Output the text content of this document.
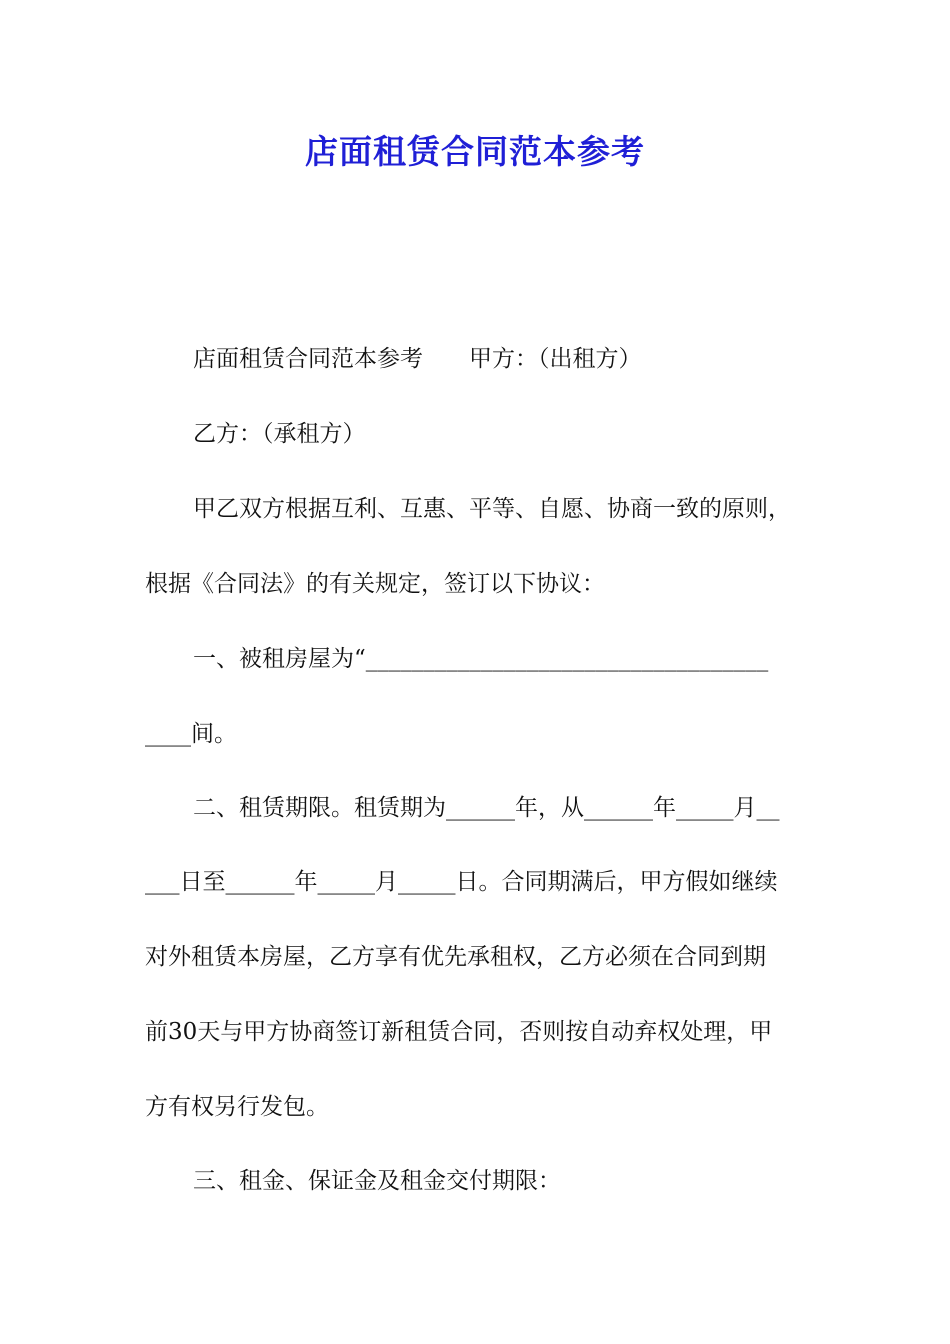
店面租赁合同范本参考
店面租赁合同范本参考　　甲方：（出租方）
乙方：（承租方）
甲乙双方根据互利、互惠、平等、自愿、协商一致的原则，
根据《合同法》的有关规定，签订以下协议：
一、被租房屋为“___________________________________
____间。
二、租赁期限。租赁期为______年，从______年_____月__
___日至______年_____月_____日。合同期满后，甲方假如继续
对外租赁本房屋，乙方享有优先承租权，乙方必须在合同到期
前30天与甲方协商签订新租赁合同，否则按自动弃权处理，甲
方有权另行发包。
三、租金、保证金及租金交付期限：
